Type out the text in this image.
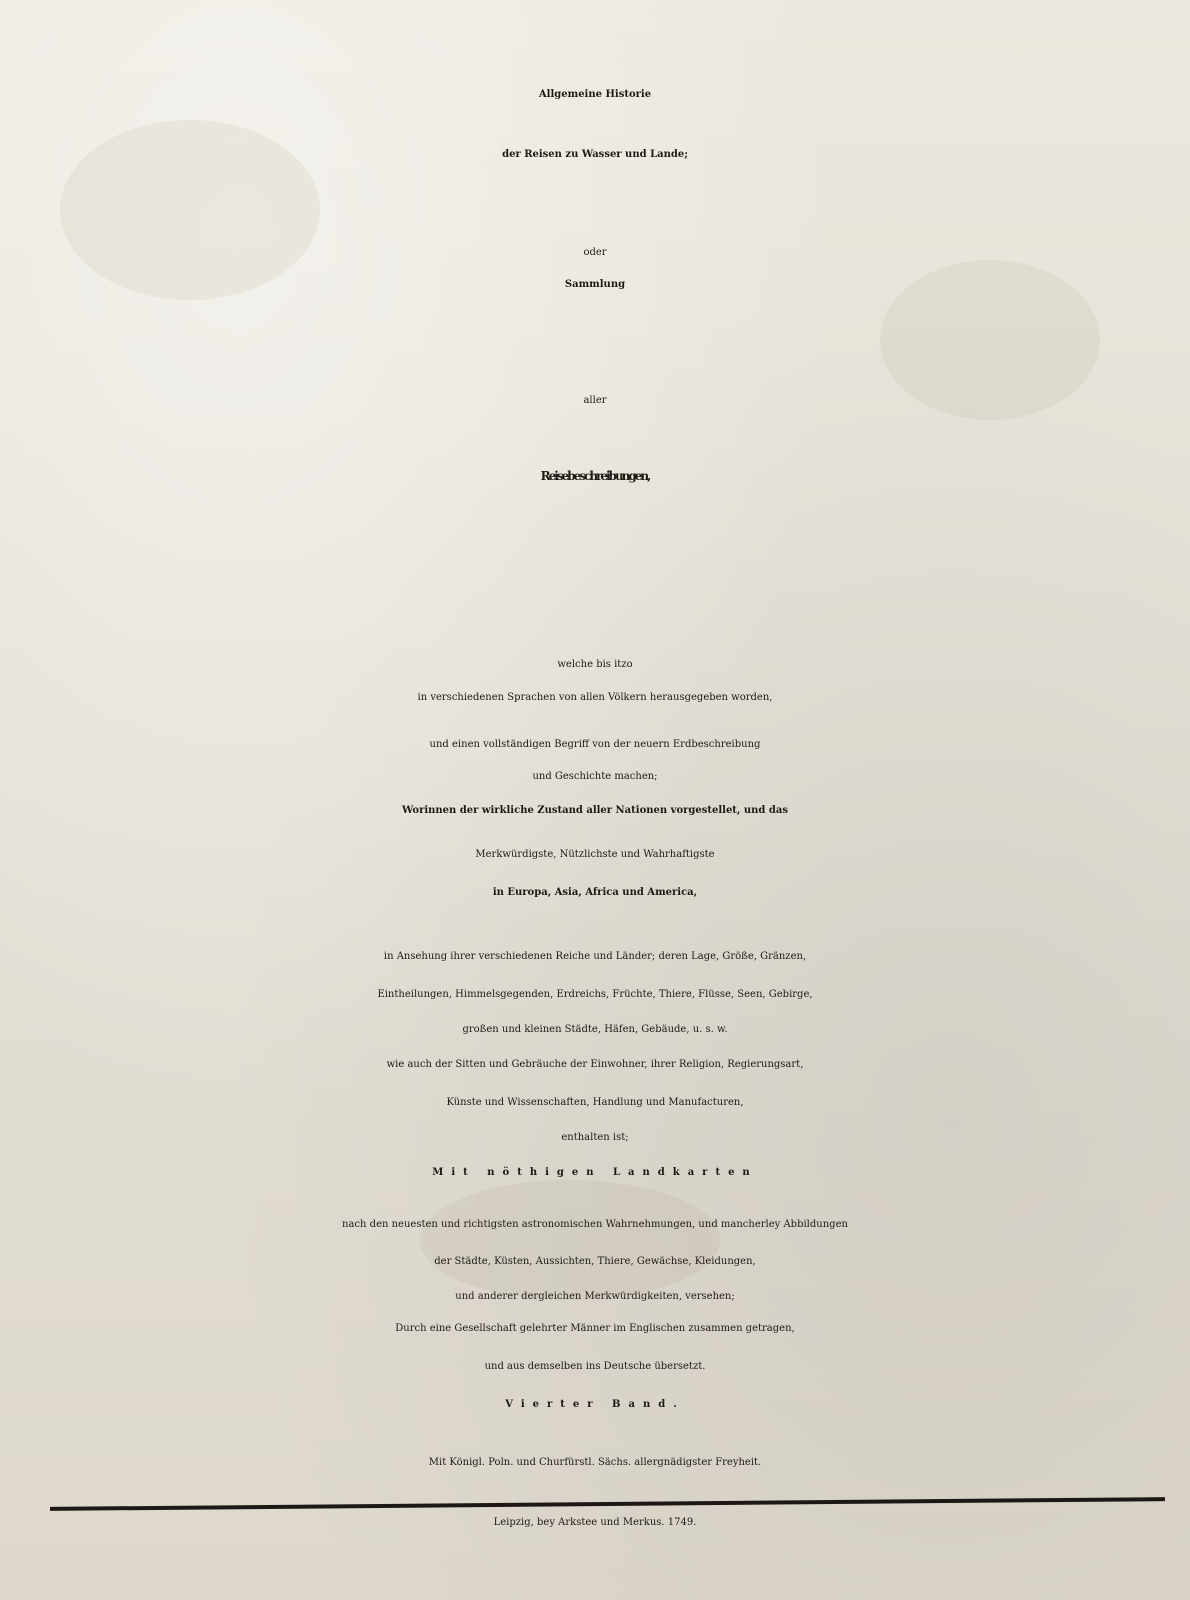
Allgemeine Historie
der Reisen zu Wasser und Lande;
oder
Sammlung
aller
Reisebeschreibungen,
welche bis itzo
in verschiedenen Sprachen von allen Völkern herausgegeben worden,
und einen vollständigen Begriff von der neuern Erdbeschreibung
und Geschichte machen;
Worinnen der wirkliche Zustand aller Nationen vorgestellet, und das
Merkwürdigste, Nützlichste und Wahrhaftigste
in Europa, Asia, Africa und America,
in Ansehung ihrer verschiedenen Reiche und Länder; deren Lage, Größe, Gränzen,
Eintheilungen, Himmelsgegenden, Erdreichs, Früchte, Thiere, Flüsse, Seen, Gebirge,
großen und kleinen Städte, Häfen, Gebäude, u. s. w.
wie auch der Sitten und Gebräuche der Einwohner, ihrer Religion, Regierungsart,
Künste und Wissenschaften, Handlung und Manufacturen,
enthalten ist;
Mit nöthigen Landkarten
nach den neuesten und richtigsten astronomischen Wahrnehmungen, und mancherley Abbildungen
der Städte, Küsten, Aussichten, Thiere, Gewächse, Kleidungen,
und anderer dergleichen Merkwürdigkeiten, versehen;
Durch eine Gesellschaft gelehrter Männer im Englischen zusammen getragen,
und aus demselben ins Deutsche übersetzt.
Vierter Band.
Mit Königl. Poln. und Churfürstl. Sächs. allergnädigster Freyheit.
Leipzig, bey Arkstee und Merkus. 1749.
